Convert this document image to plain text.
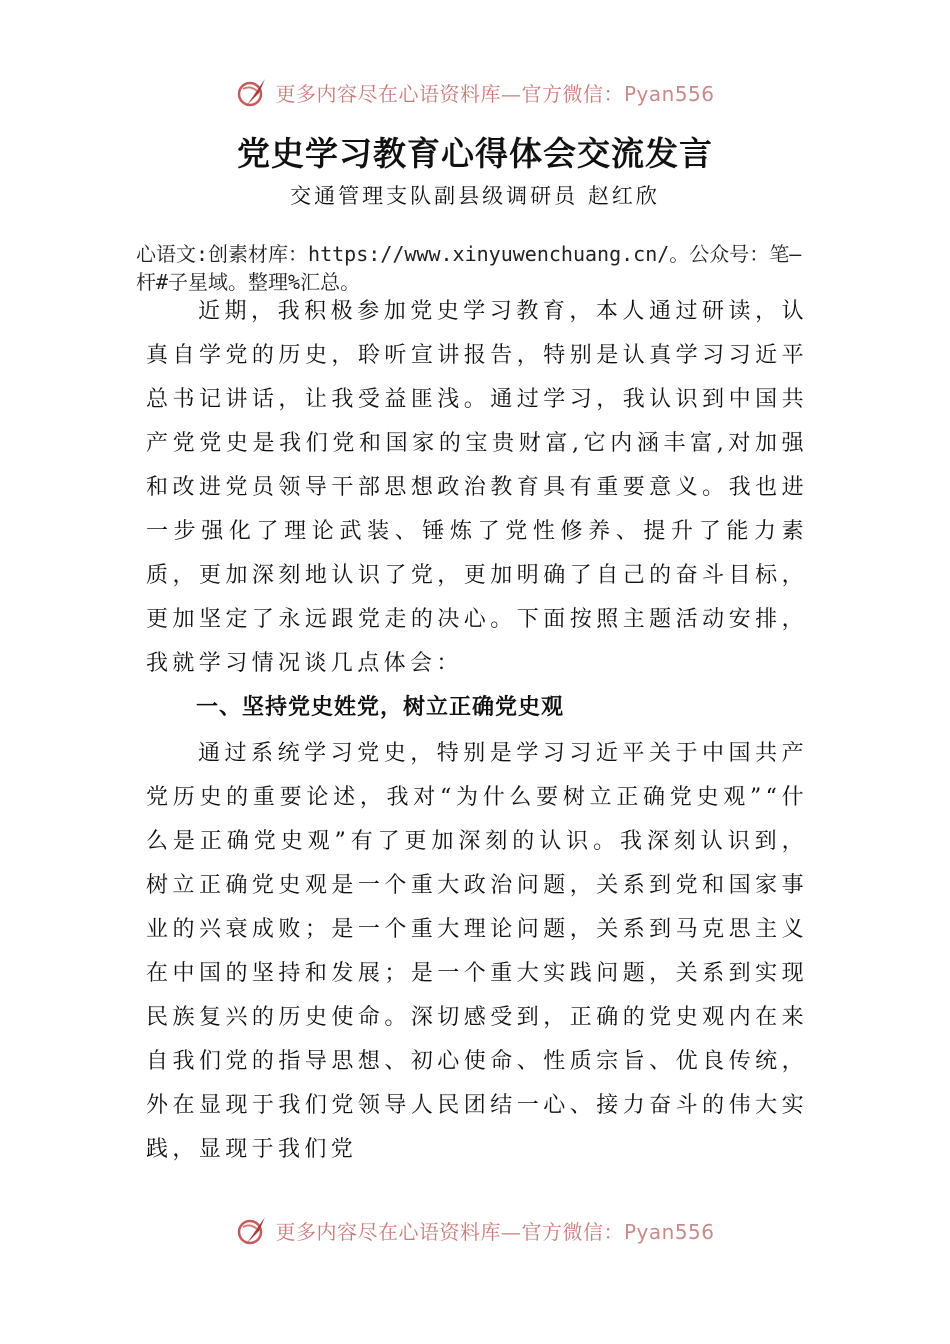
更多内容尽在心语资料库—官方微信：Pyan556
党史学习教育心得体会交流发言
交通管理支队副县级调研员 赵红欣
心语文:创素材库：https://www.xinyuwenchuang.cn/。公众号：笔—杆#子星域。整理%汇总。
近期，我积极参加党史学习教育，本人通过研读，认真自学党的历史，聆听宣讲报告，特别是认真学习习近平总书记讲话，让我受益匪浅。通过学习，我认识到中国共产党党史是我们党和国家的宝贵财富,它内涵丰富,对加强和改进党员领导干部思想政治教育具有重要意义。我也进一步强化了理论武装、锤炼了党性修养、提升了能力素质，更加深刻地认识了党，更加明确了自己的奋斗目标，更加坚定了永远跟党走的决心。下面按照主题活动安排，我就学习情况谈几点体会：
一、坚持党史姓党，树立正确党史观
通过系统学习党史，特别是学习习近平关于中国共产党历史的重要论述，我对“为什么要树立正确党史观”“什么是正确党史观”有了更加深刻的认识。我深刻认识到，树立正确党史观是一个重大政治问题，关系到党和国家事业的兴衰成败；是一个重大理论问题，关系到马克思主义在中国的坚持和发展；是一个重大实践问题，关系到实现民族复兴的历史使命。深切感受到，正确的党史观内在来自我们党的指导思想、初心使命、性质宗旨、优良传统，外在显现于我们党领导人民团结一心、接力奋斗的伟大实践，显现于我们党
更多内容尽在心语资料库—官方微信：Pyan556
